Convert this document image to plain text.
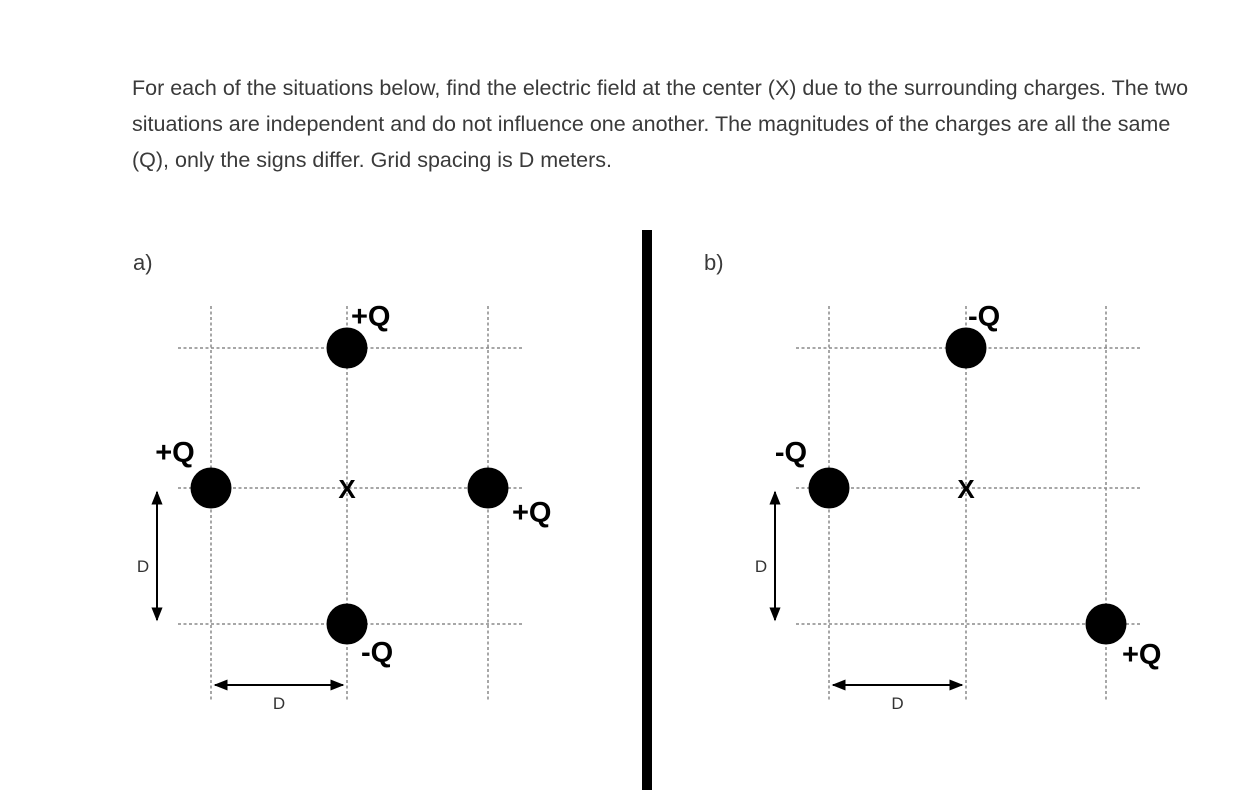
For each of the situations below, find the electric field at the center (X) due to the surrounding charges. The two situations are independent and do not influence one another. The magnitudes of the charges are all the same (Q), only the signs differ. Grid spacing is D meters.

a)	b)
X
+Q
+Q
+Q
-Q
D
D
X
-Q
-Q
+Q
D
D
